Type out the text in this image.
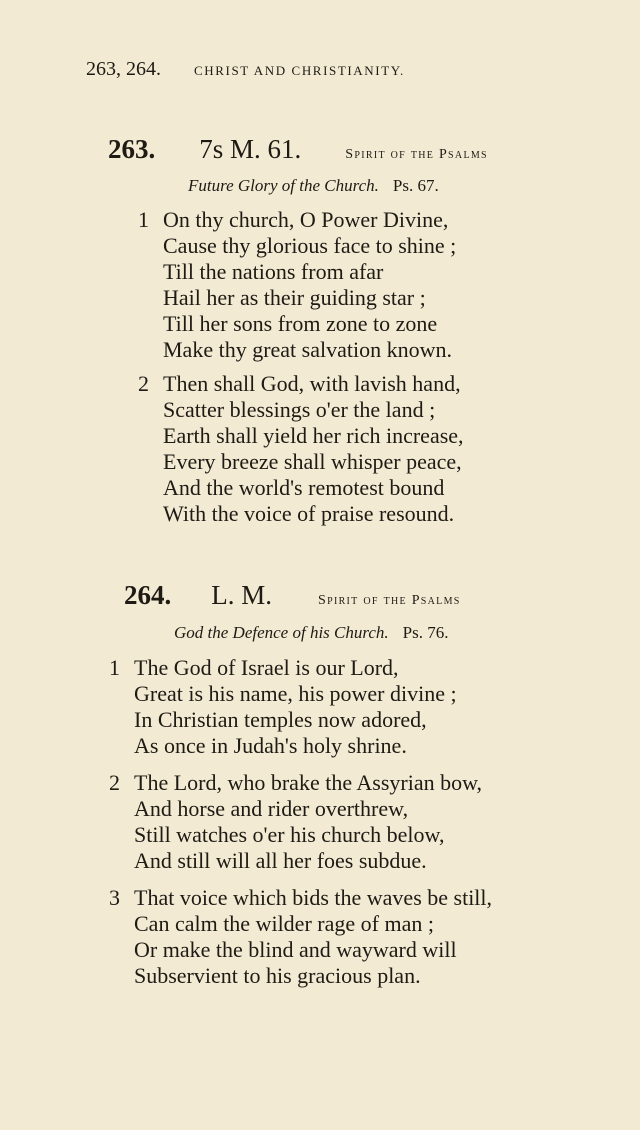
263, 264.	CHRIST AND CHRISTIANITY.
263. 7s M. 61.	Spirit of the Psalms
Future Glory of the Church. Ps. 67.
1 On thy church, O Power Divine,
Cause thy glorious face to shine ;
Till the nations from afar
Hail her as their guiding star ;
Till her sons from zone to zone
Make thy great salvation known.
2 Then shall God, with lavish hand,
Scatter blessings o'er the land ;
Earth shall yield her rich increase,
Every breeze shall whisper peace,
And the world's remotest bound
With the voice of praise resound.
264. L. M.	Spirit of the Psalms
God the Defence of his Church. Ps. 76.
1 The God of Israel is our Lord,
Great is his name, his power divine ;
In Christian temples now adored,
As once in Judah's holy shrine.
2 The Lord, who brake the Assyrian bow,
And horse and rider overthrew,
Still watches o'er his church below,
And still will all her foes subdue.
3 That voice which bids the waves be still,
Can calm the wilder rage of man ;
Or make the blind and wayward will
Subservient to his gracious plan.
